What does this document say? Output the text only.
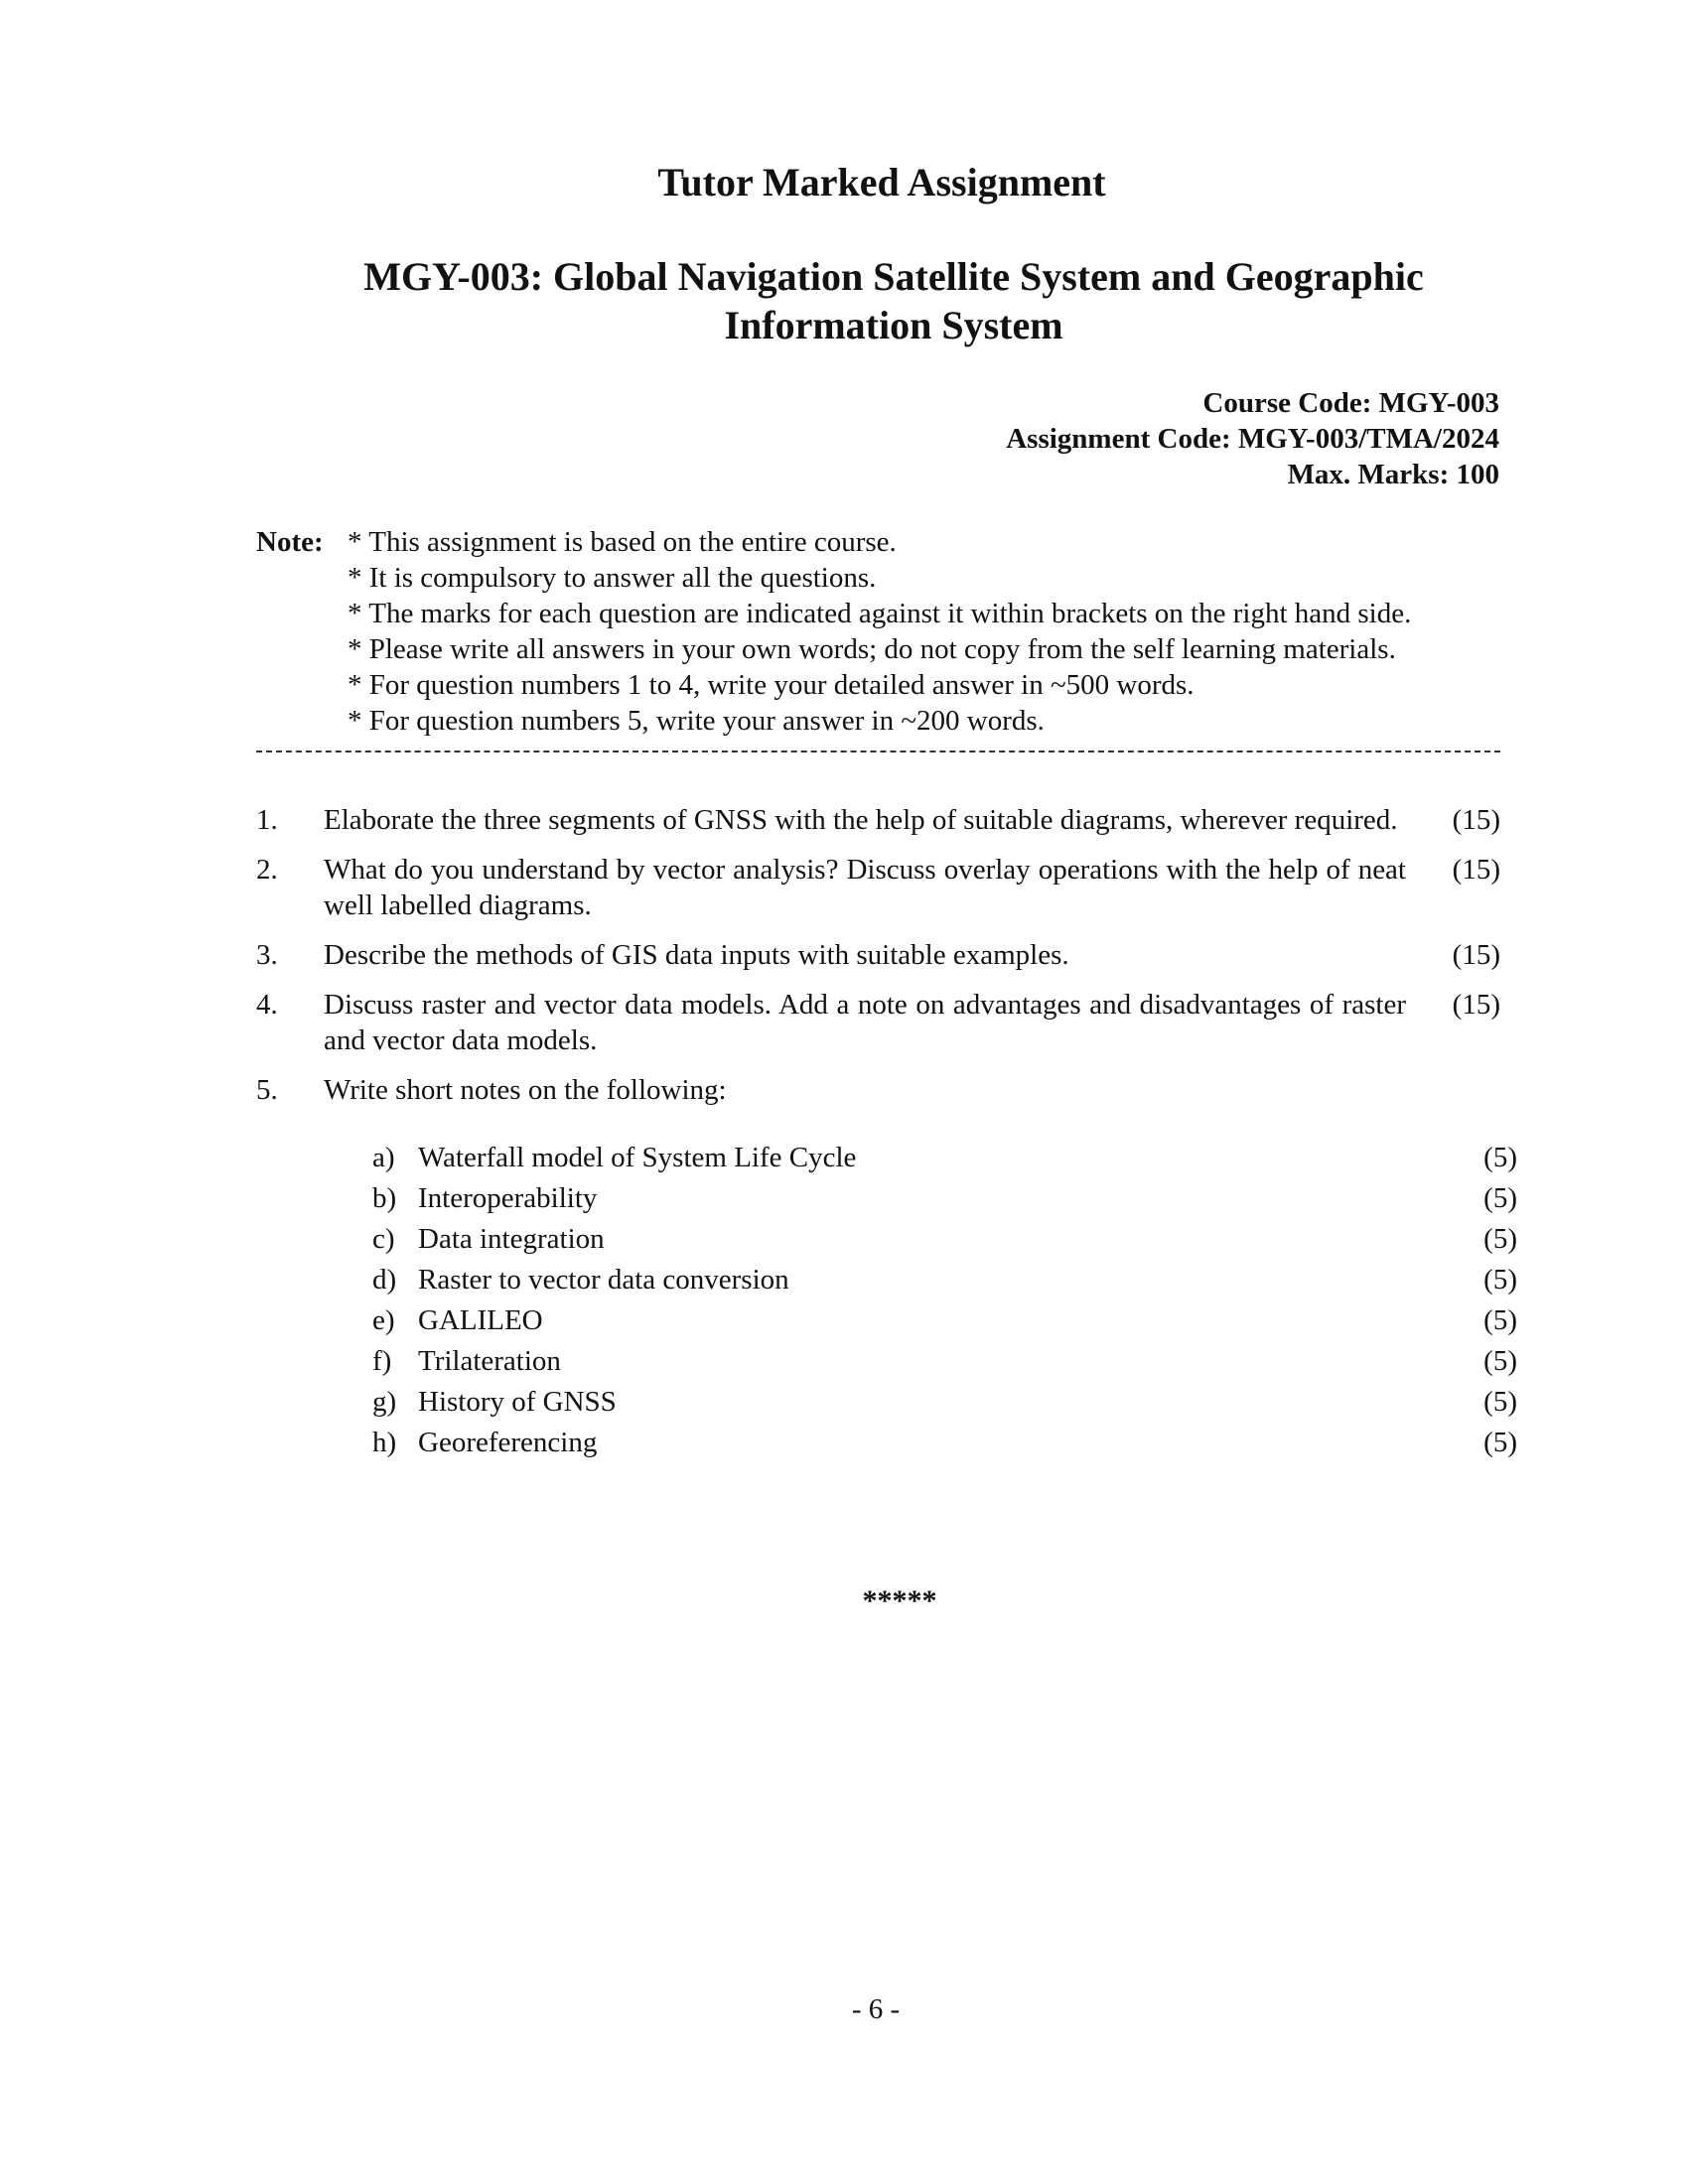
Tutor Marked Assignment
MGY-003: Global Navigation Satellite System and Geographic
Information System
Course Code: MGY-003
Assignment Code: MGY-003/TMA/2024
Max. Marks: 100
Note: * This assignment is based on the entire course.
* It is compulsory to answer all the questions.
* The marks for each question are indicated against it within brackets on the right hand side.
* Please write all answers in your own words; do not copy from the self learning materials.
* For question numbers 1 to 4, write your detailed answer in ~500 words.
* For question numbers 5, write your answer in ~200 words.
1. Elaborate the three segments of GNSS with the help of suitable diagrams, wherever required. (15)
2. What do you understand by vector analysis? Discuss overlay operations with the help of neat well labelled diagrams.
(15)
3. Describe the methods of GIS data inputs with suitable examples.	(15)
4. Discuss raster and vector data models. Add a note on advantages and disadvantages of raster and vector data models.
(15)
5. Write short notes on the following:
a) Waterfall model of System Life Cycle	(5)
b) Interoperability	(5)
c) Data integration	(5)
d) Raster to vector data conversion	(5)
e) GALILEO	(5)
f) Trilateration	(5)
g) History of GNSS	(5)
h) Georeferencing	(5)
*****
- 6 -
